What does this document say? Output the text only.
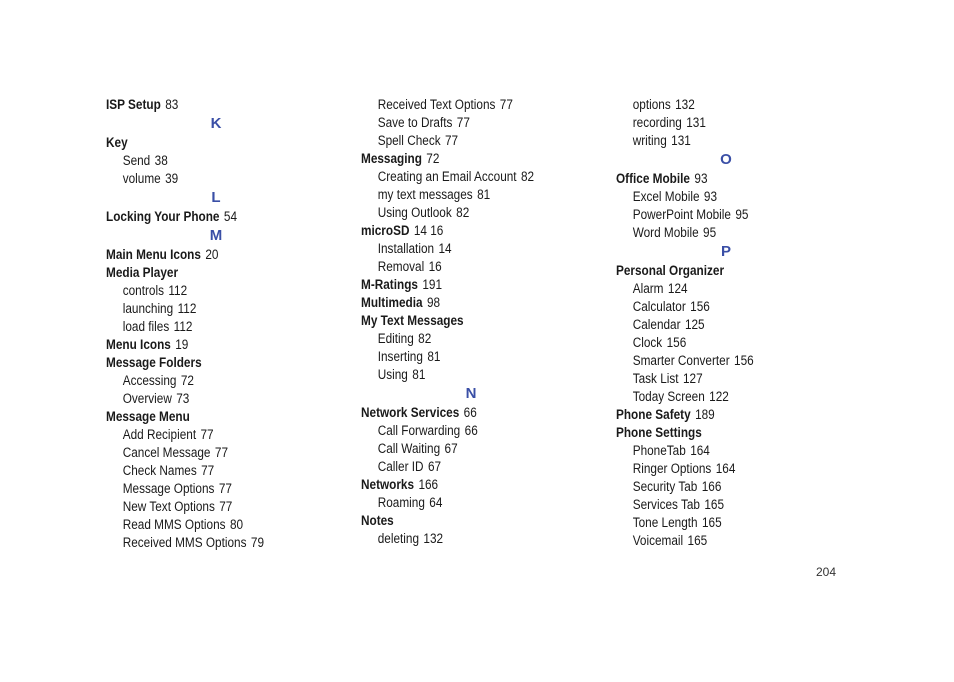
ISP Setup 83
K
Key
Send 38
volume 39
L
Locking Your Phone 54
M
Main Menu Icons 20
Media Player
controls 112
launching 112
load files 112
Menu Icons 19
Message Folders
Accessing 72
Overview 73
Message Menu
Add Recipient 77
Cancel Message 77
Check Names 77
Message Options 77
New Text Options 77
Read MMS Options 80
Received MMS Options 79
Received Text Options 77
Save to Drafts 77
Spell Check 77
Messaging 72
Creating an Email Account 82
my text messages 81
Using Outlook 82
microSD 14 16
Installation 14
Removal 16
M-Ratings 191
Multimedia 98
My Text Messages
Editing 82
Inserting 81
Using 81
N
Network Services 66
Call Forwarding 66
Call Waiting 67
Caller ID 67
Networks 166
Roaming 64
Notes
deleting 132
options 132
recording 131
writing 131
O
Office Mobile 93
Excel Mobile 93
PowerPoint Mobile 95
Word Mobile 95
P
Personal Organizer
Alarm 124
Calculator 156
Calendar 125
Clock 156
Smarter Converter 156
Task List 127
Today Screen 122
Phone Safety 189
Phone Settings
PhoneTab 164
Ringer Options 164
Security Tab 166
Services Tab 165
Tone Length 165
Voicemail 165
204
